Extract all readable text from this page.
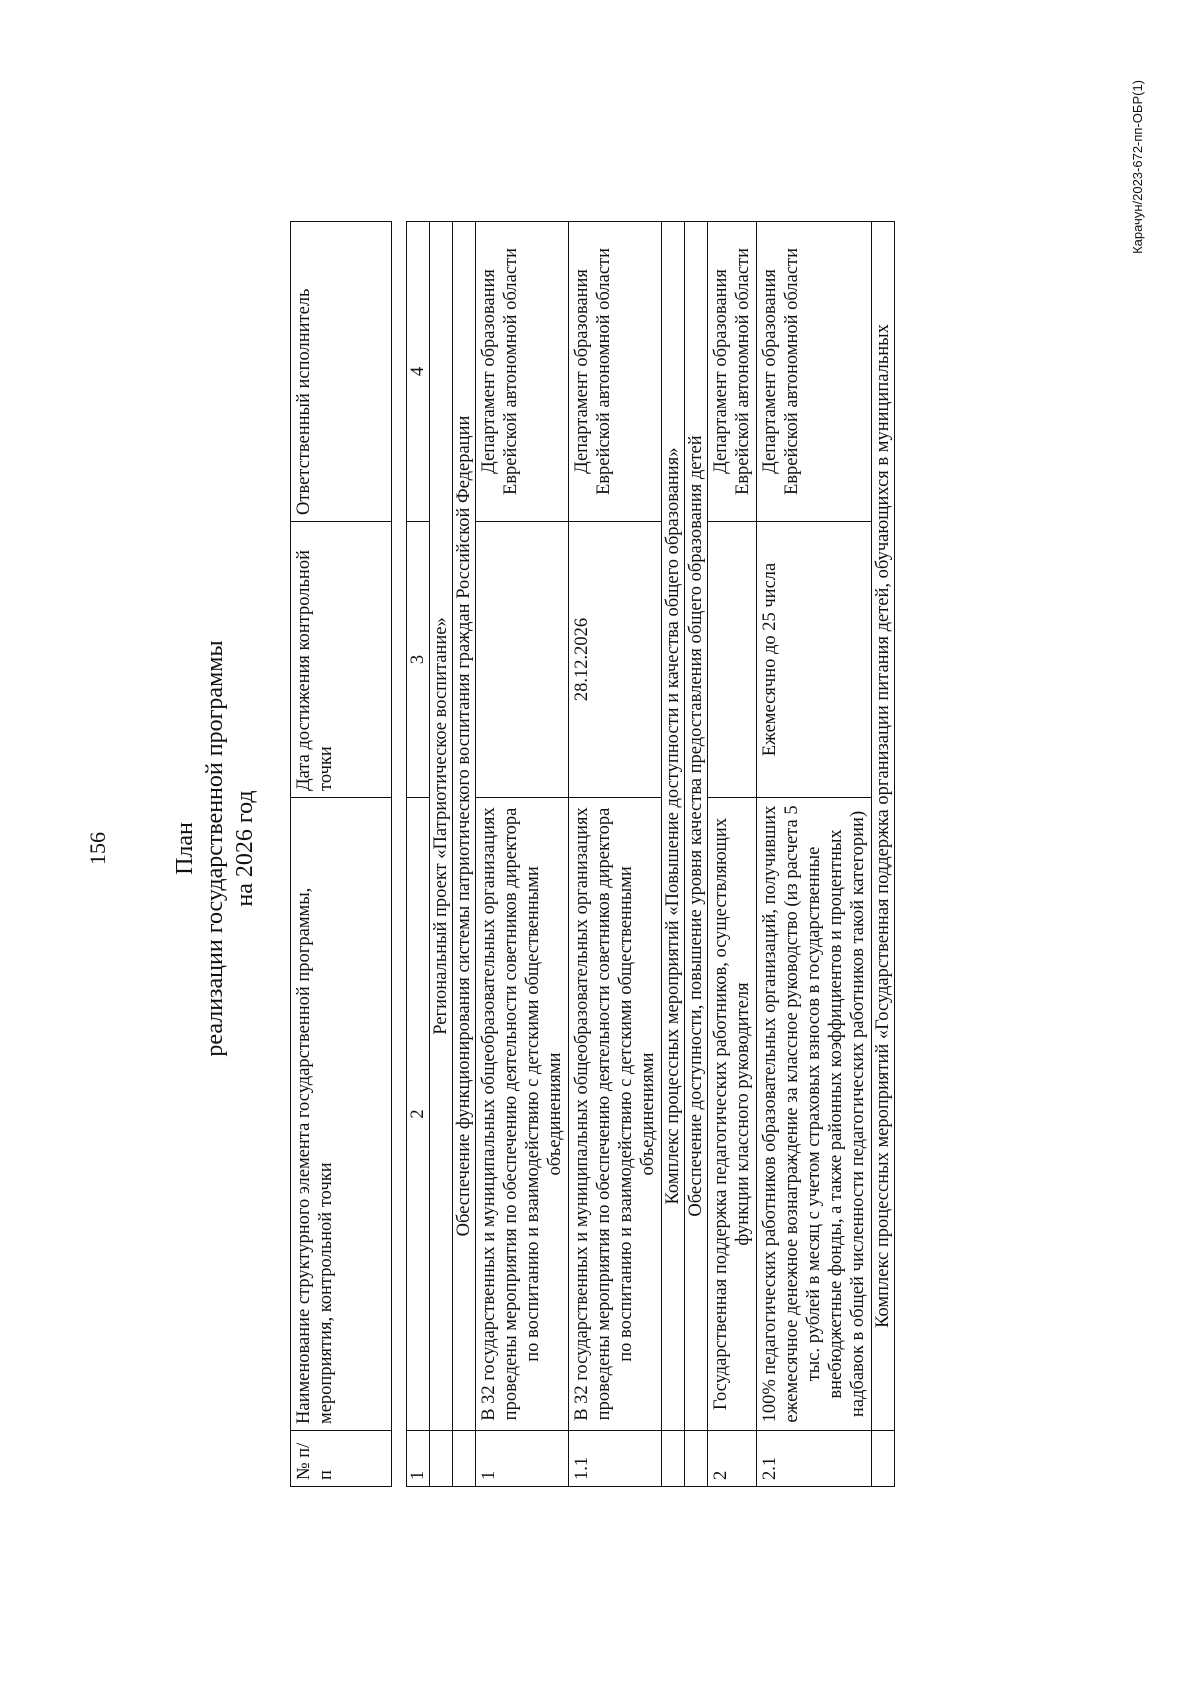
156	План реализации государственной программы на 2026 год
№ п/п	Наименование структурного элемента государственной программы, мероприятия, контрольной точки	Дата достижения контрольной точки	Ответственный исполнитель
1	2	3	4
	Региональный проект «Патриотическое воспитание»		
	Обеспечение функционирования системы патриотического воспитания граждан Российской Федерации		
1	В 32 государственных и муниципальных общеобразовательных организациях проведены мероприятия по обеспечению деятельности советников директора по воспитанию и взаимодействию с детскими общественными объединениями		Департамент образования Еврейской автономной области
1.1	В 32 государственных и муниципальных общеобразовательных организациях проведены мероприятия по обеспечению деятельности советников директора по воспитанию и взаимодействию с детскими общественными объединениями	28.12.2026	Департамент образования Еврейской автономной области
	Комплекс процессных мероприятий «Повышение доступности и качества общего образования»		
	Обеспечение доступности, повышение уровня качества предоставления общего образования детей		
2	Государственная поддержка педагогических работников, осуществляющих функции классного руководителя		Департамент образования Еврейской автономной области
2.1	100% педагогических работников образовательных организаций, получивших ежемесячное денежное вознаграждение за классное руководство (из расчета 5 тыс. рублей в месяц с учетом страховых взносов в государственные внебюджетные фонды, а также районных коэффициентов и процентных надбавок в общей численности педагогических работников такой категории)	Ежемесячно до 25 числа	Департамент образования Еврейской автономной области
	Комплекс процессных мероприятий «Государственная поддержка организации питания детей, обучающихся в муниципальных		
Карачун/2023-672-пп-ОБР(1)
